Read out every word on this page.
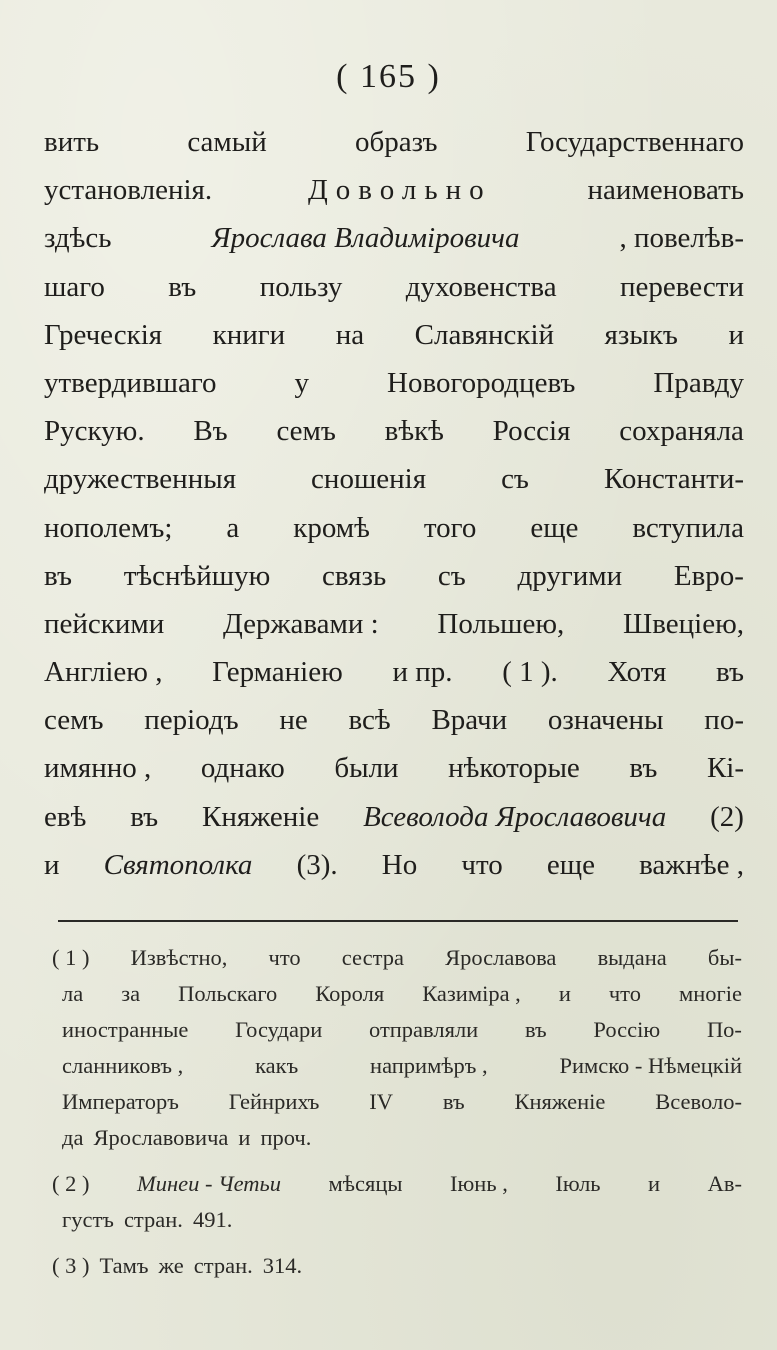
( 165 )
вить	самый	образъ	Государственнаго
установленія.	Довольно	наименовать
здѣсь	Ярослава Владиміровича	, повелѣв-
шаго въ пользу духовенства перевести
Греческія книги на Славянскій языкъ и
утвердившаго	у	Новогородцевъ	Правду
Рускую. Въ семъ вѣкѣ Россія сохраняла
дружественныя	сношенія	съ	Константи-
нополемъ; а кромѣ того еще вступила
въ тѣснѣйшую связь съ другими Евро-
пейскими Державами : Польшею, Швеціею,
Англіею , Германіею и пр. ( 1 ). Хотя въ
семъ періодъ не всѣ Врачи означены по-
имянно , однако были нѣкоторые въ Кі-
евѣ въ Княженіе Всеволода Ярославовича (2)
и Святополка (3). Но что еще важнѣе ,
( 1 ) Извѣстно, что сестра Ярославова выдана бы-
ла за Польскаго Короля Казиміра , и что многіе
иностранные Государи отправляли въ Россію По-
сланниковъ ,	какъ	напримѣръ ,	Римско - Нѣмецкій
Императоръ Гейнрихъ IV въ Княженіе Всеволо-
да Ярославовича и проч.
( 2 ) Минеи - Четьи мѣсяцы Іюнь , Іюль и Ав-
густъ стран. 491.
( 3 ) Тамъ же стран. 314.
